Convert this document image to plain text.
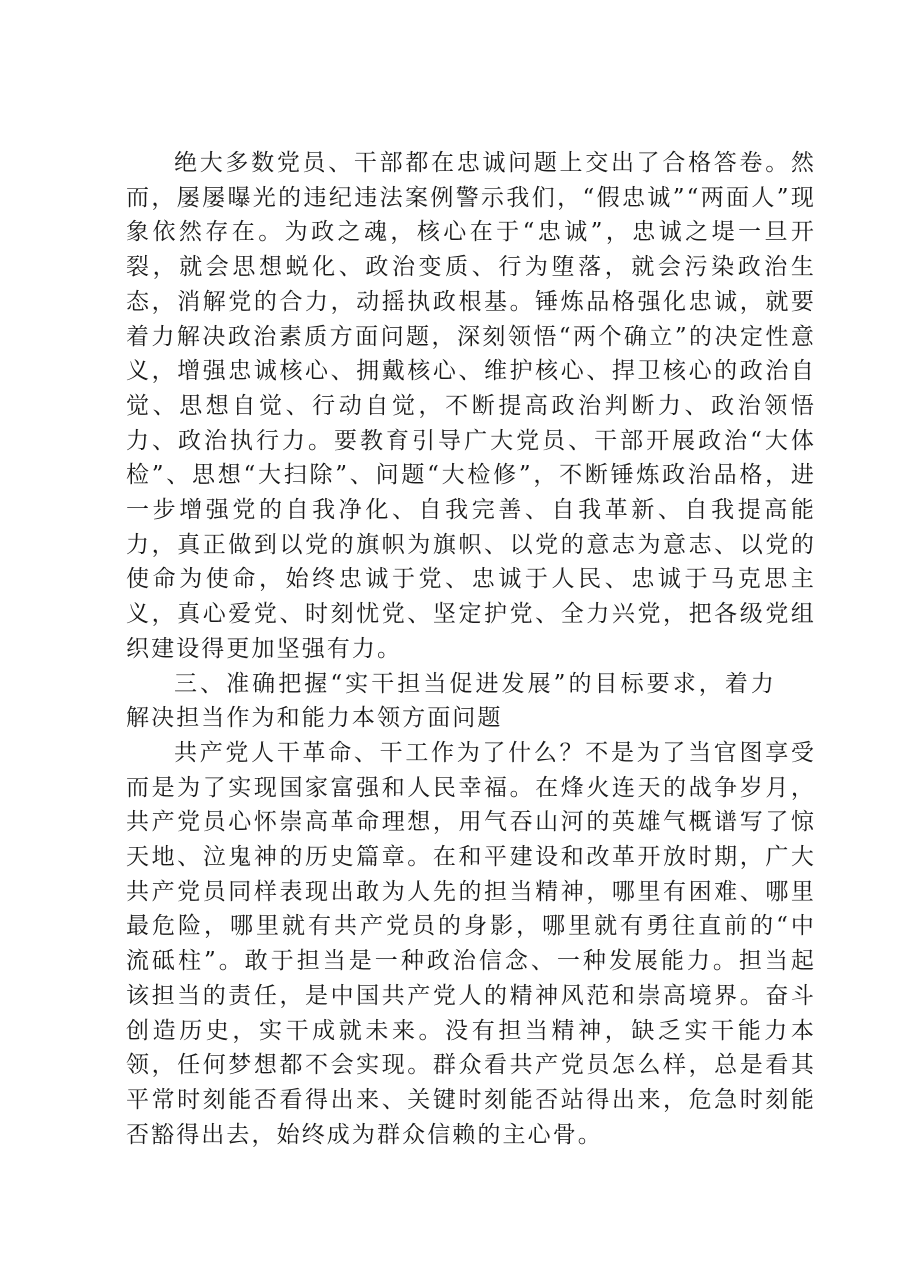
绝大多数党员、干部都在忠诚问题上交出了合格答卷。然而，屡屡曝光的违纪违法案例警示我们，“假忠诚”“两面人”现象依然存在。为政之魂，核心在于“忠诚”，忠诚之堤一旦开裂，就会思想蜕化、政治变质、行为堕落，就会污染政治生态，消解党的合力，动摇执政根基。锤炼品格强化忠诚，就要着力解决政治素质方面问题，深刻领悟“两个确立”的决定性意义，增强忠诚核心、拥戴核心、维护核心、捍卫核心的政治自觉、思想自觉、行动自觉，不断提高政治判断力、政治领悟力、政治执行力。要教育引导广大党员、干部开展政治“大体检”、思想“大扫除”、问题“大检修”，不断锤炼政治品格，进一步增强党的自我净化、自我完善、自我革新、自我提高能力，真正做到以党的旗帜为旗帜、以党的意志为意志、以党的使命为使命，始终忠诚于党、忠诚于人民、忠诚于马克思主义，真心爱党、时刻忧党、坚定护党、全力兴党，把各级党组织建设得更加坚强有力。

三、准确把握“实干担当促进发展”的目标要求，着力解决担当作为和能力本领方面问题

共产党人干革命、干工作为了什么？不是为了当官图享受而是为了实现国家富强和人民幸福。在烽火连天的战争岁月，共产党员心怀崇高革命理想，用气吞山河的英雄气概谱写了惊天地、泣鬼神的历史篇章。在和平建设和改革开放时期，广大共产党员同样表现出敢为人先的担当精神，哪里有困难、哪里最危险，哪里就有共产党员的身影，哪里就有勇往直前的“中流砥柱”。敢于担当是一种政治信念、一种发展能力。担当起该担当的责任，是中国共产党人的精神风范和崇高境界。奋斗创造历史，实干成就未来。没有担当精神，缺乏实干能力本领，任何梦想都不会实现。群众看共产党员怎么样，总是看其平常时刻能否看得出来、关键时刻能否站得出来，危急时刻能否豁得出去，始终成为群众信赖的主心骨。
